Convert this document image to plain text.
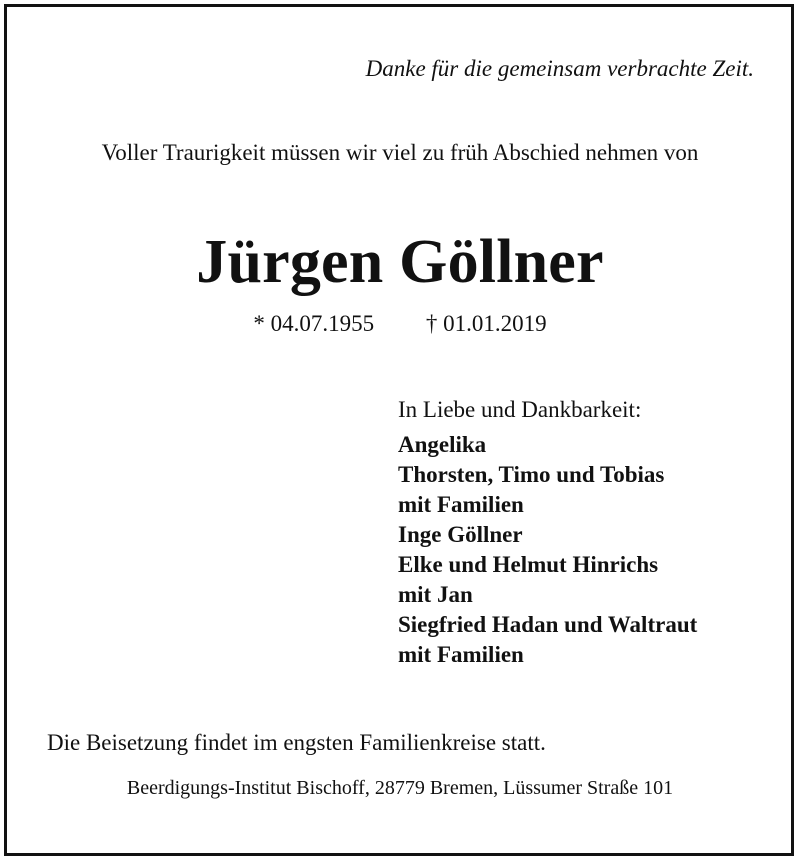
Danke für die gemeinsam verbrachte Zeit.
Voller Traurigkeit müssen wir viel zu früh Abschied nehmen von
Jürgen Göllner
* 04.07.1955 † 01.01.2019
In Liebe und Dankbarkeit:
Angelika
Thorsten, Timo und Tobias
mit Familien
Inge Göllner
Elke und Helmut Hinrichs
mit Jan
Siegfried Hadan und Waltraut
mit Familien
Die Beisetzung findet im engsten Familienkreise statt.
Beerdigungs-Institut Bischoff, 28779 Bremen, Lüssumer Straße 101
